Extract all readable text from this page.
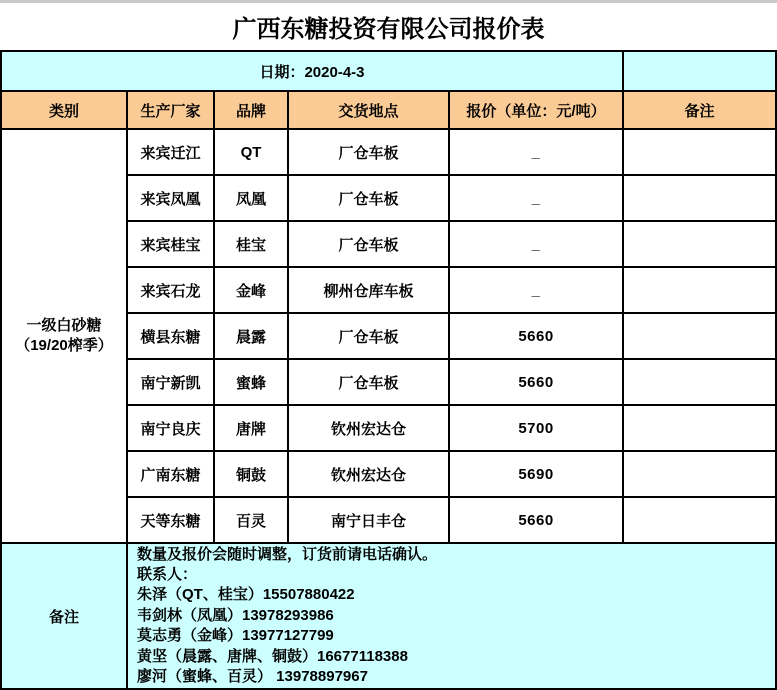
广西东糖投资有限公司报价表
日期：2020-4-3
类别	生产厂家	品牌	交货地点	报价（单位：元/吨）	备注
一级白砂糖
（19/20榨季）
来宾迁江	QT	厂仓车板	_
来宾凤凰	凤凰	厂仓车板	_
来宾桂宝	桂宝	厂仓车板	_
来宾石龙	金峰	柳州仓库车板	_
横县东糖	晨露	厂仓车板	5660
南宁新凯	蜜蜂	厂仓车板	5660
南宁良庆	唐牌	钦州宏达仓	5700
广南东糖	铜鼓	钦州宏达仓	5690
天等东糖	百灵	南宁日丰仓	5660
备注
数量及报价会随时调整，订货前请电话确认。
联系人：
朱泽（QT、桂宝）15507880422
韦剑林（凤凰）13978293986
莫志勇（金峰）13977127799
黄坚（晨露、唐牌、铜鼓）16677118388
廖河（蜜蜂、百灵） 13978897967
